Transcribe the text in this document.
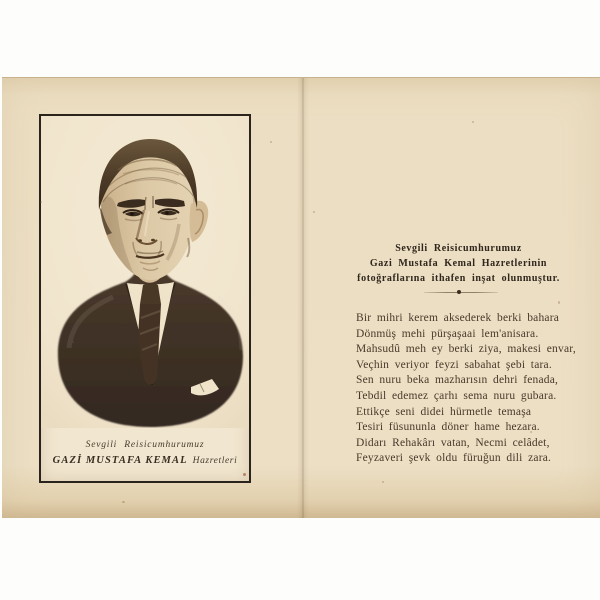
Sevgili Reisicumhurumuz
GAZİ MUSTAFA KEMAL Hazretleri
Sevgili Reisicumhurumuz
Gazi Mustafa Kemal Hazretlerinin
fotoğraflarına ithafen inşat olunmuştur.
Bir mihri kerem aksederek berki bahara
Dönmüş mehi pürşaşaai lem'anisara.
Mahsudû meh ey berki ziya, makesi envar,
Veçhin veriyor feyzi sabahat şebi tara.
Sen nuru beka mazharısın dehri fenada,
Tebdil edemez çarhı sema nuru gubara.
Ettikçe seni didei hürmetle temaşa
Tesiri füsununla döner hame hezara.
Didarı Rehakârı vatan, Necmi celâdet,
Feyzaveri şevk oldu füruğun dili zara.
